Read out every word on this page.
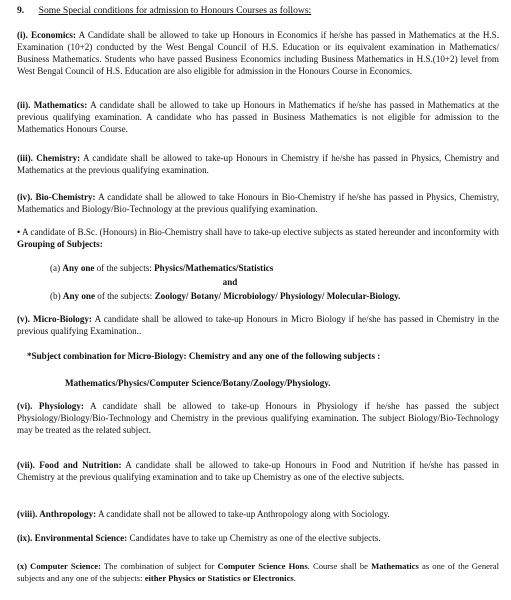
9. Some Special conditions for admission to Honours Courses as follows:

(i). Economics: A Candidate shall be allowed to take up Honours in Economics if he/she has passed in Mathematics at the H.S. Examination (10+2) conducted by the West Bengal Council of H.S. Education or its equivalent examination in Mathematics/ Business Mathematics. Students who have passed Business Economics including Business Mathematics in H.S.(10+2) level from West Bengal Council of H.S. Education are also eligible for admission in the Honours Course in Economics.

(ii). Mathematics: A candidate shall be allowed to take up Honours in Mathematics if he/she has passed in Mathematics at the previous qualifying examination. A candidate who has passed in Business Mathematics is not eligible for admission to the Mathematics Honours Course.

(iii). Chemistry: A candidate shall be allowed to take-up Honours in Chemistry if he/she has passed in Physics, Chemistry and Mathematics at the previous qualifying examination.

(iv). Bio-Chemistry: A candidate shall be allowed to take Honours in Bio-Chemistry if he/she has passed in Physics, Chemistry, Mathematics and Biology/Bio-Technology at the previous qualifying examination.

• A candidate of B.Sc. (Honours) in Bio-Chemistry shall have to take-up elective subjects as stated hereunder and inconformity with Grouping of Subjects:

(a) Any one of the subjects: Physics/Mathematics/Statistics
and
(b) Any one of the subjects: Zoology/ Botany/ Microbiology/ Physiology/ Molecular-Biology.

(v). Micro-Biology: A candidate shall be allowed to take-up Honours in Micro Biology if he/she has passed in Chemistry in the previous qualifying Examination..

*Subject combination for Micro-Biology: Chemistry and any one of the following subjects :
Mathematics/Physics/Computer Science/Botany/Zoology/Physiology.

(vi). Physiology: A candidate shall be allowed to take-up Honours in Physiology if he/she has passed the subject Physiology/Biology/Bio-Technology and Chemistry in the previous qualifying examination. The subject Biology/Bio-Technology may be treated as the related subject.

(vii). Food and Nutrition: A candidate shall be allowed to take-up Honours in Food and Nutrition if he/she has passed in Chemistry at the previous qualifying examination and to take up Chemistry as one of the elective subjects.

(viii). Anthropology: A candidate shall not be allowed to take-up Anthropology along with Sociology.

(ix). Environmental Science: Candidates have to take up Chemistry as one of the elective subjects.

(x) Computer Science: The combination of subject for Computer Science Hons. Course shall be Mathematics as one of the General subjects and any one of the subjects: either Physics or Statistics or Electronics.
